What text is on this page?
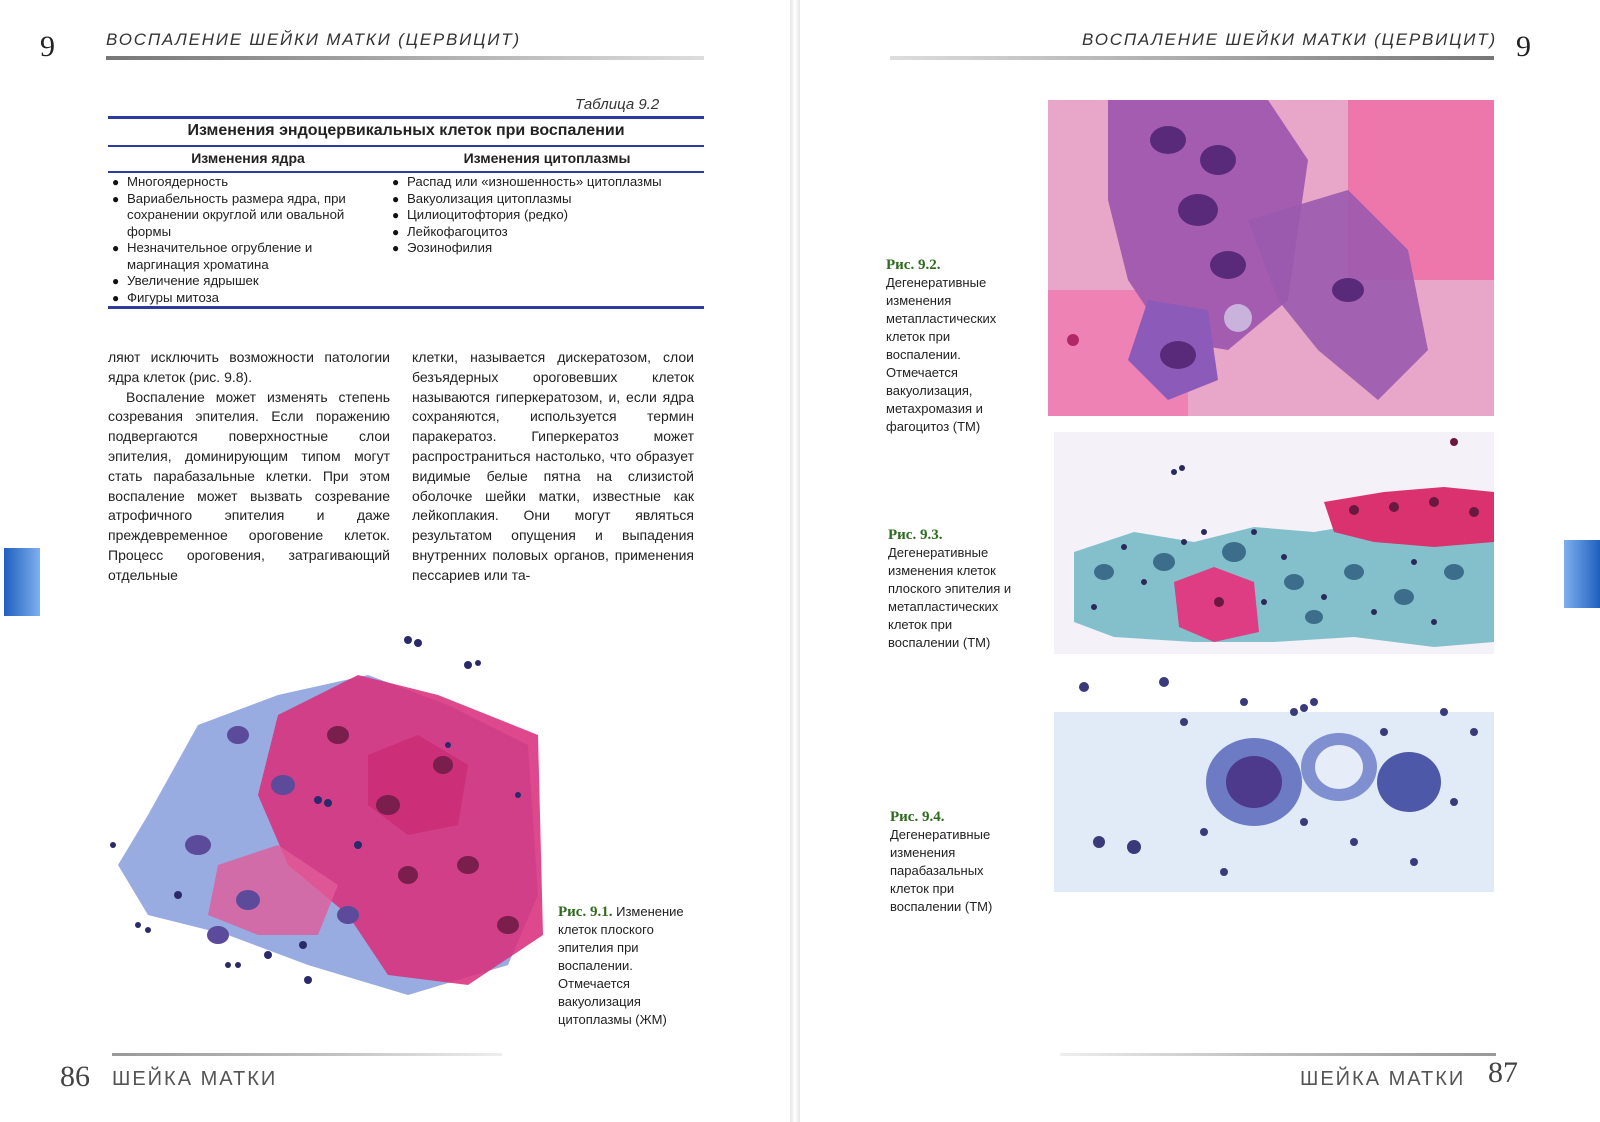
9	ВОСПАЛЕНИЕ ШЕЙКИ МАТКИ (ЦЕРВИЦИТ)
Таблица 9.2
Изменения эндоцервикальных клеток при воспалении
Изменения ядра	Изменения цитоплазмы
● Многоядерность
● Вариабельность размера ядра, при сохранении округлой или овальной формы
● Незначительное огрубление и маргинация хроматина
● Увеличение ядрышек
● Фигуры митоза
● Распад или «изношенность» цитоплазмы
● Вакуолизация цитоплазмы
● Цилиоцитофтория (редко)
● Лейкофагоцитоз
● Эозинофилия

ляют исключить возможности патологии ядра клеток (рис. 9.8).

Воспаление может изменять степень созревания эпителия. Если поражению подвергаются поверхностные слои эпителия, доминирующим типом могут стать парабазальные клетки. При этом воспаление может вызвать созревание атрофичного эпителия и даже преждевременное ороговение клеток. Процесс ороговения, затрагивающий отдельные

клетки, называется дискератозом, слои безъядерных ороговевших клеток называются гиперкератозом, и, если ядра сохраняются, используется термин паракератоз. Гиперкератоз может распространиться настолько, что образует видимые белые пятна на слизистой оболочке шейки матки, известные как лейкоплакия. Они могут являться результатом опущения и выпадения внутренних половых органов, применения пессариев или та-

Рис. 9.1. Изменение клеток плоского эпителия при воспалении. Отмечается вакуолизация цитоплазмы (ЖМ)
86 ШЕЙКА МАТКИ
9
ВОСПАЛЕНИЕ ШЕЙКИ МАТКИ (ЦЕРВИЦИТ)
Рис. 9.2. Дегенеративные изменения метапластических клеток при воспалении. Отмечается вакуолизация, метахромазия и фагоцитоз (ТМ)
Рис. 9.3. Дегенеративные изменения клеток плоского эпителия и метапластических клеток при воспалении (ТМ)
Рис. 9.4. Дегенеративные изменения парабазальных клеток при воспалении (ТМ)
ШЕЙКА МАТКИ 87
